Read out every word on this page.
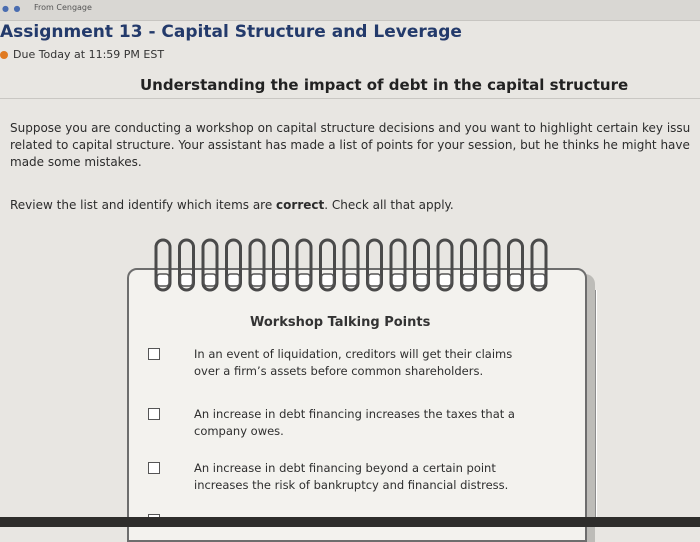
● ● From Cengage
Assignment 13 - Capital Structure and Leverage
Due Today at 11:59 PM EST
Understanding the impact of debt in the capital structure

Suppose you are conducting a workshop on capital structure decisions and you want to highlight certain key issu

related to capital structure. Your assistant has made a list of points for your session, but he thinks he might have

made some mistakes.

Review the list and identify which items are correct. Check all that apply.
Workshop Talking Points
In an event of liquidation, creditors will get their claims
over a firm’s assets before common shareholders.
An increase in debt financing increases the taxes that a
company owes.
An increase in debt financing beyond a certain point
increases the risk of bankruptcy and financial distress.
